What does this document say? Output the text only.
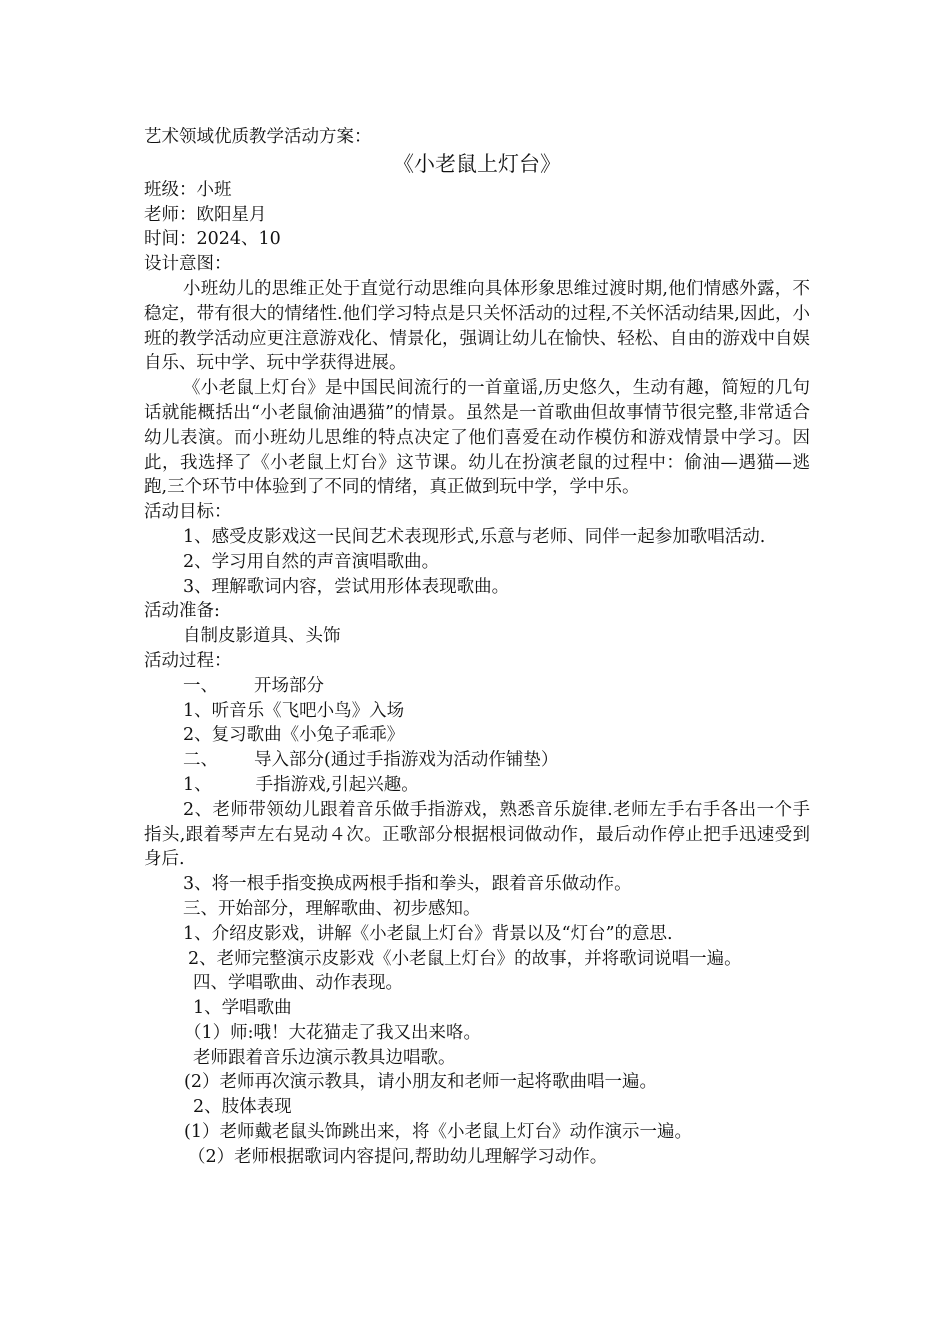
艺术领域优质教学活动方案：
《小老鼠上灯台》
班级：小班
老师：欧阳星月
时间：2024、10
设计意图：

小班幼儿的思维正处于直觉行动思维向具体形象思维过渡时期,他们情感外露，不稳定，带有很大的情绪性.他们学习特点是只关怀活动的过程,不关怀活动结果,因此，小班的教学活动应更注意游戏化、情景化，强调让幼儿在愉快、轻松、自由的游戏中自娱自乐、玩中学、玩中学获得进展。

《小老鼠上灯台》是中国民间流行的一首童谣,历史悠久，生动有趣，简短的几句话就能概括出“小老鼠偷油遇猫”的情景。虽然是一首歌曲但故事情节很完整,非常适合幼儿表演。而小班幼儿思维的特点决定了他们喜爱在动作模仿和游戏情景中学习。因此，我选择了《小老鼠上灯台》这节课。幼儿在扮演老鼠的过程中：偷油—遇猫—逃跑,三个环节中体验到了不同的情绪，真正做到玩中学，学中乐。

活动目标：

1、感受皮影戏这一民间艺术表现形式,乐意与老师、同伴一起参加歌唱活动.

2、学习用自然的声音演唱歌曲。
3、理解歌词内容，尝试用形体表现歌曲。
活动准备:
自制皮影道具、头饰
活动过程：
一、 开场部分
1、听音乐《飞吧小鸟》入场
2、复习歌曲《小兔子乖乖》
二、 导入部分(通过手指游戏为活动作铺垫）
1、	手指游戏,引起兴趣。

2、老师带领幼儿跟着音乐做手指游戏，熟悉音乐旋律.老师左手右手各出一个手指头,跟着琴声左右晃动４次。正歌部分根据根词做动作，最后动作停止把手迅速受到身后.

3、将一根手指变换成两根手指和拳头，跟着音乐做动作。
三、开始部分，理解歌曲、初步感知。
1、介绍皮影戏，讲解《小老鼠上灯台》背景以及“灯台”的意思.
2、老师完整演示皮影戏《小老鼠上灯台》的故事，并将歌词说唱一遍。
四、学唱歌曲、动作表现。
1、学唱歌曲
（1）师:哦！大花猫走了我又出来咯。
老师跟着音乐边演示教具边唱歌。
(2）老师再次演示教具，请小朋友和老师一起将歌曲唱一遍。
2、肢体表现
(1）老师戴老鼠头饰跳出来，将《小老鼠上灯台》动作演示一遍。
（2）老师根据歌词内容提问,帮助幼儿理解学习动作。
